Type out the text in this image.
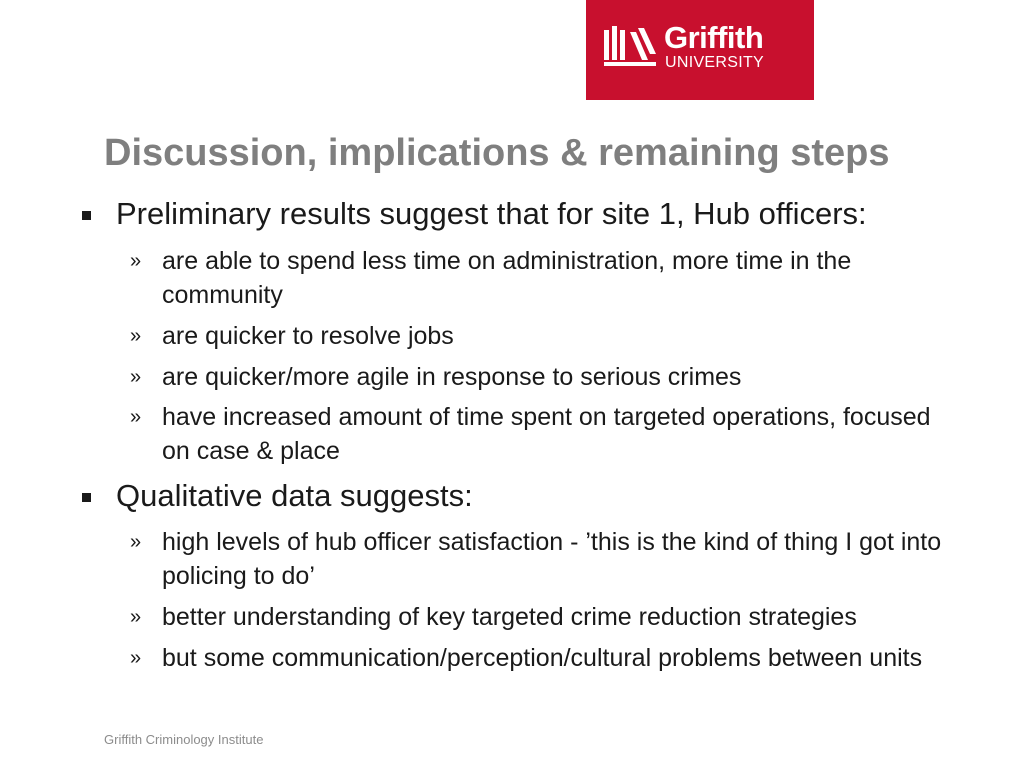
Griffith
UNIVERSITY
Discussion, implications & remaining steps
Preliminary results suggest that for site 1, Hub officers:
» are able to spend less time on administration, more time in the community
» are quicker to resolve jobs
» are quicker/more agile in response to serious crimes
» have increased amount of time spent on targeted operations, focused on case & place
Qualitative data suggests:
» high levels of hub officer satisfaction - ’this is the kind of thing I got into policing to do’
» better understanding of key targeted crime reduction strategies
» but some communication/perception/cultural problems between units
Griffith Criminology Institute
